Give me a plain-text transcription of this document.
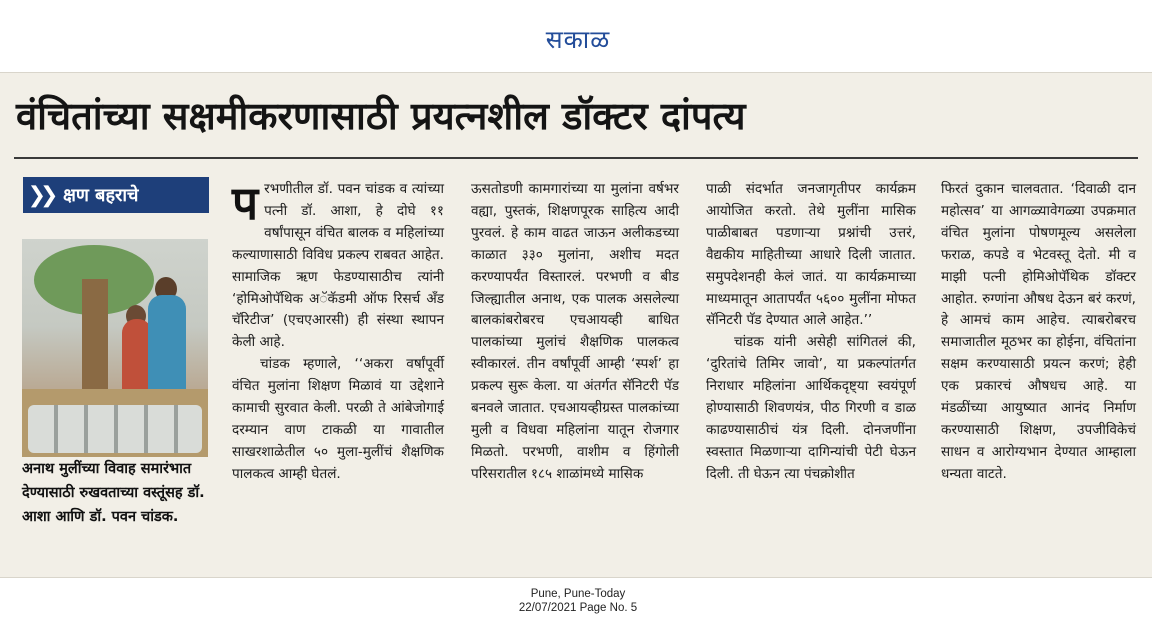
सकाळ
वंचितांच्या सक्षमीकरणासाठी प्रयत्नशील डॉक्टर दांपत्य
❯❯ क्षण बहराचे
अनाथ मुलींच्या विवाह समारंभात देण्यासाठी रुखवताच्या वस्तूंसह डॉ. आशा आणि डॉ. पवन चांडक.

परभणीतील डॉ. पवन चांडक व त्यांच्या पत्नी डॉ. आशा, हे दोघे ११ वर्षांपासून वंचित बालक व महिलांच्या कल्याणासाठी विविध प्रकल्प राबवत आहेत. सामाजिक ऋण फेडण्यासाठीच त्यांनी ‘होमिओपॅथिक अॅकॅडमी ऑफ रिसर्च अँड चॅरिटीज’ (एचएआरसी) ही संस्था स्थापन केली आहे.

चांडक म्हणाले, ‘‘अकरा वर्षांपूर्वी वंचित मुलांना शिक्षण मिळावं या उद्देशाने कामाची सुरवात केली. परळी ते आंबेजोगाई दरम्यान वाण टाकळी या गावातील साखरशाळेतील ५० मुला-मुलींचं शैक्षणिक पालकत्व आम्ही घेतलं.

ऊसतोडणी कामगारांच्या या मुलांना वर्षभर वह्या, पुस्तकं, शिक्षणपूरक साहित्य आदी पुरवलं. हे काम वाढत जाऊन अलीकडच्या काळात ३३० मुलांना, अशीच मदत करण्यापर्यंत विस्तारलं. परभणी व बीड जिल्ह्यातील अनाथ, एक पालक असलेल्या बालकांबरोबरच एचआयव्ही बाधित पालकांच्या मुलांचं शैक्षणिक पालकत्व स्वीकारलं. तीन वर्षांपूर्वी आम्ही ‘स्पर्श’ हा प्रकल्प सुरू केला. या अंतर्गत सॅनिटरी पॅड बनवले जातात. एचआयव्हीग्रस्त पालकांच्या मुली व विधवा महिलांना यातून रोजगार मिळतो. परभणी, वाशीम व हिंगोली परिसरातील १८५ शाळांमध्ये मासिक

पाळी संदर्भात जनजागृतीपर कार्यक्रम आयोजित करतो. तेथे मुलींना मासिक पाळीबाबत पडणाऱ्या प्रश्नांची उत्तरं, वैद्यकीय माहितीच्या आधारे दिली जातात. समुपदेशनही केलं जातं. या कार्यक्रमाच्या माध्यमातून आतापर्यंत ५६०० मुलींना मोफत सॅनिटरी पॅड देण्यात आले आहेत.’’

चांडक यांनी असेही सांगितलं की, ‘दुरितांचे तिमिर जावो’, या प्रकल्पांतर्गत निराधार महिलांना आर्थिकदृष्ट्या स्वयंपूर्ण होण्यासाठी शिवणयंत्र, पीठ गिरणी व डाळ काढण्यासाठीचं यंत्र दिली. दोनजणींना स्वस्तात मिळणाऱ्या दागिन्यांची पेटी घेऊन दिली. ती घेऊन त्या पंचक्रोशीत

फिरतं दुकान चालवतात. ‘दिवाळी दान महोत्सव’ या आगळ्यावेगळ्या उपक्रमात वंचित मुलांना पोषणमूल्य असलेला फराळ, कपडे व भेटवस्तू देतो. मी व माझी पत्नी होमिओपॅथिक डॉक्टर आहोत. रुग्णांना औषध देऊन बरं करणं, हे आमचं काम आहेच. त्याबरोबरच समाजातील मूठभर का होईना, वंचितांना सक्षम करण्यासाठी प्रयत्न करणं; हेही एक प्रकारचं औषधच आहे. या मंडळींच्या आयुष्यात आनंद निर्माण करण्यासाठी शिक्षण, उपजीविकेचं साधन व आरोग्यभान देण्यात आम्हाला धन्यता वाटते.

Pune, Pune-Today
22/07/2021 Page No. 5
